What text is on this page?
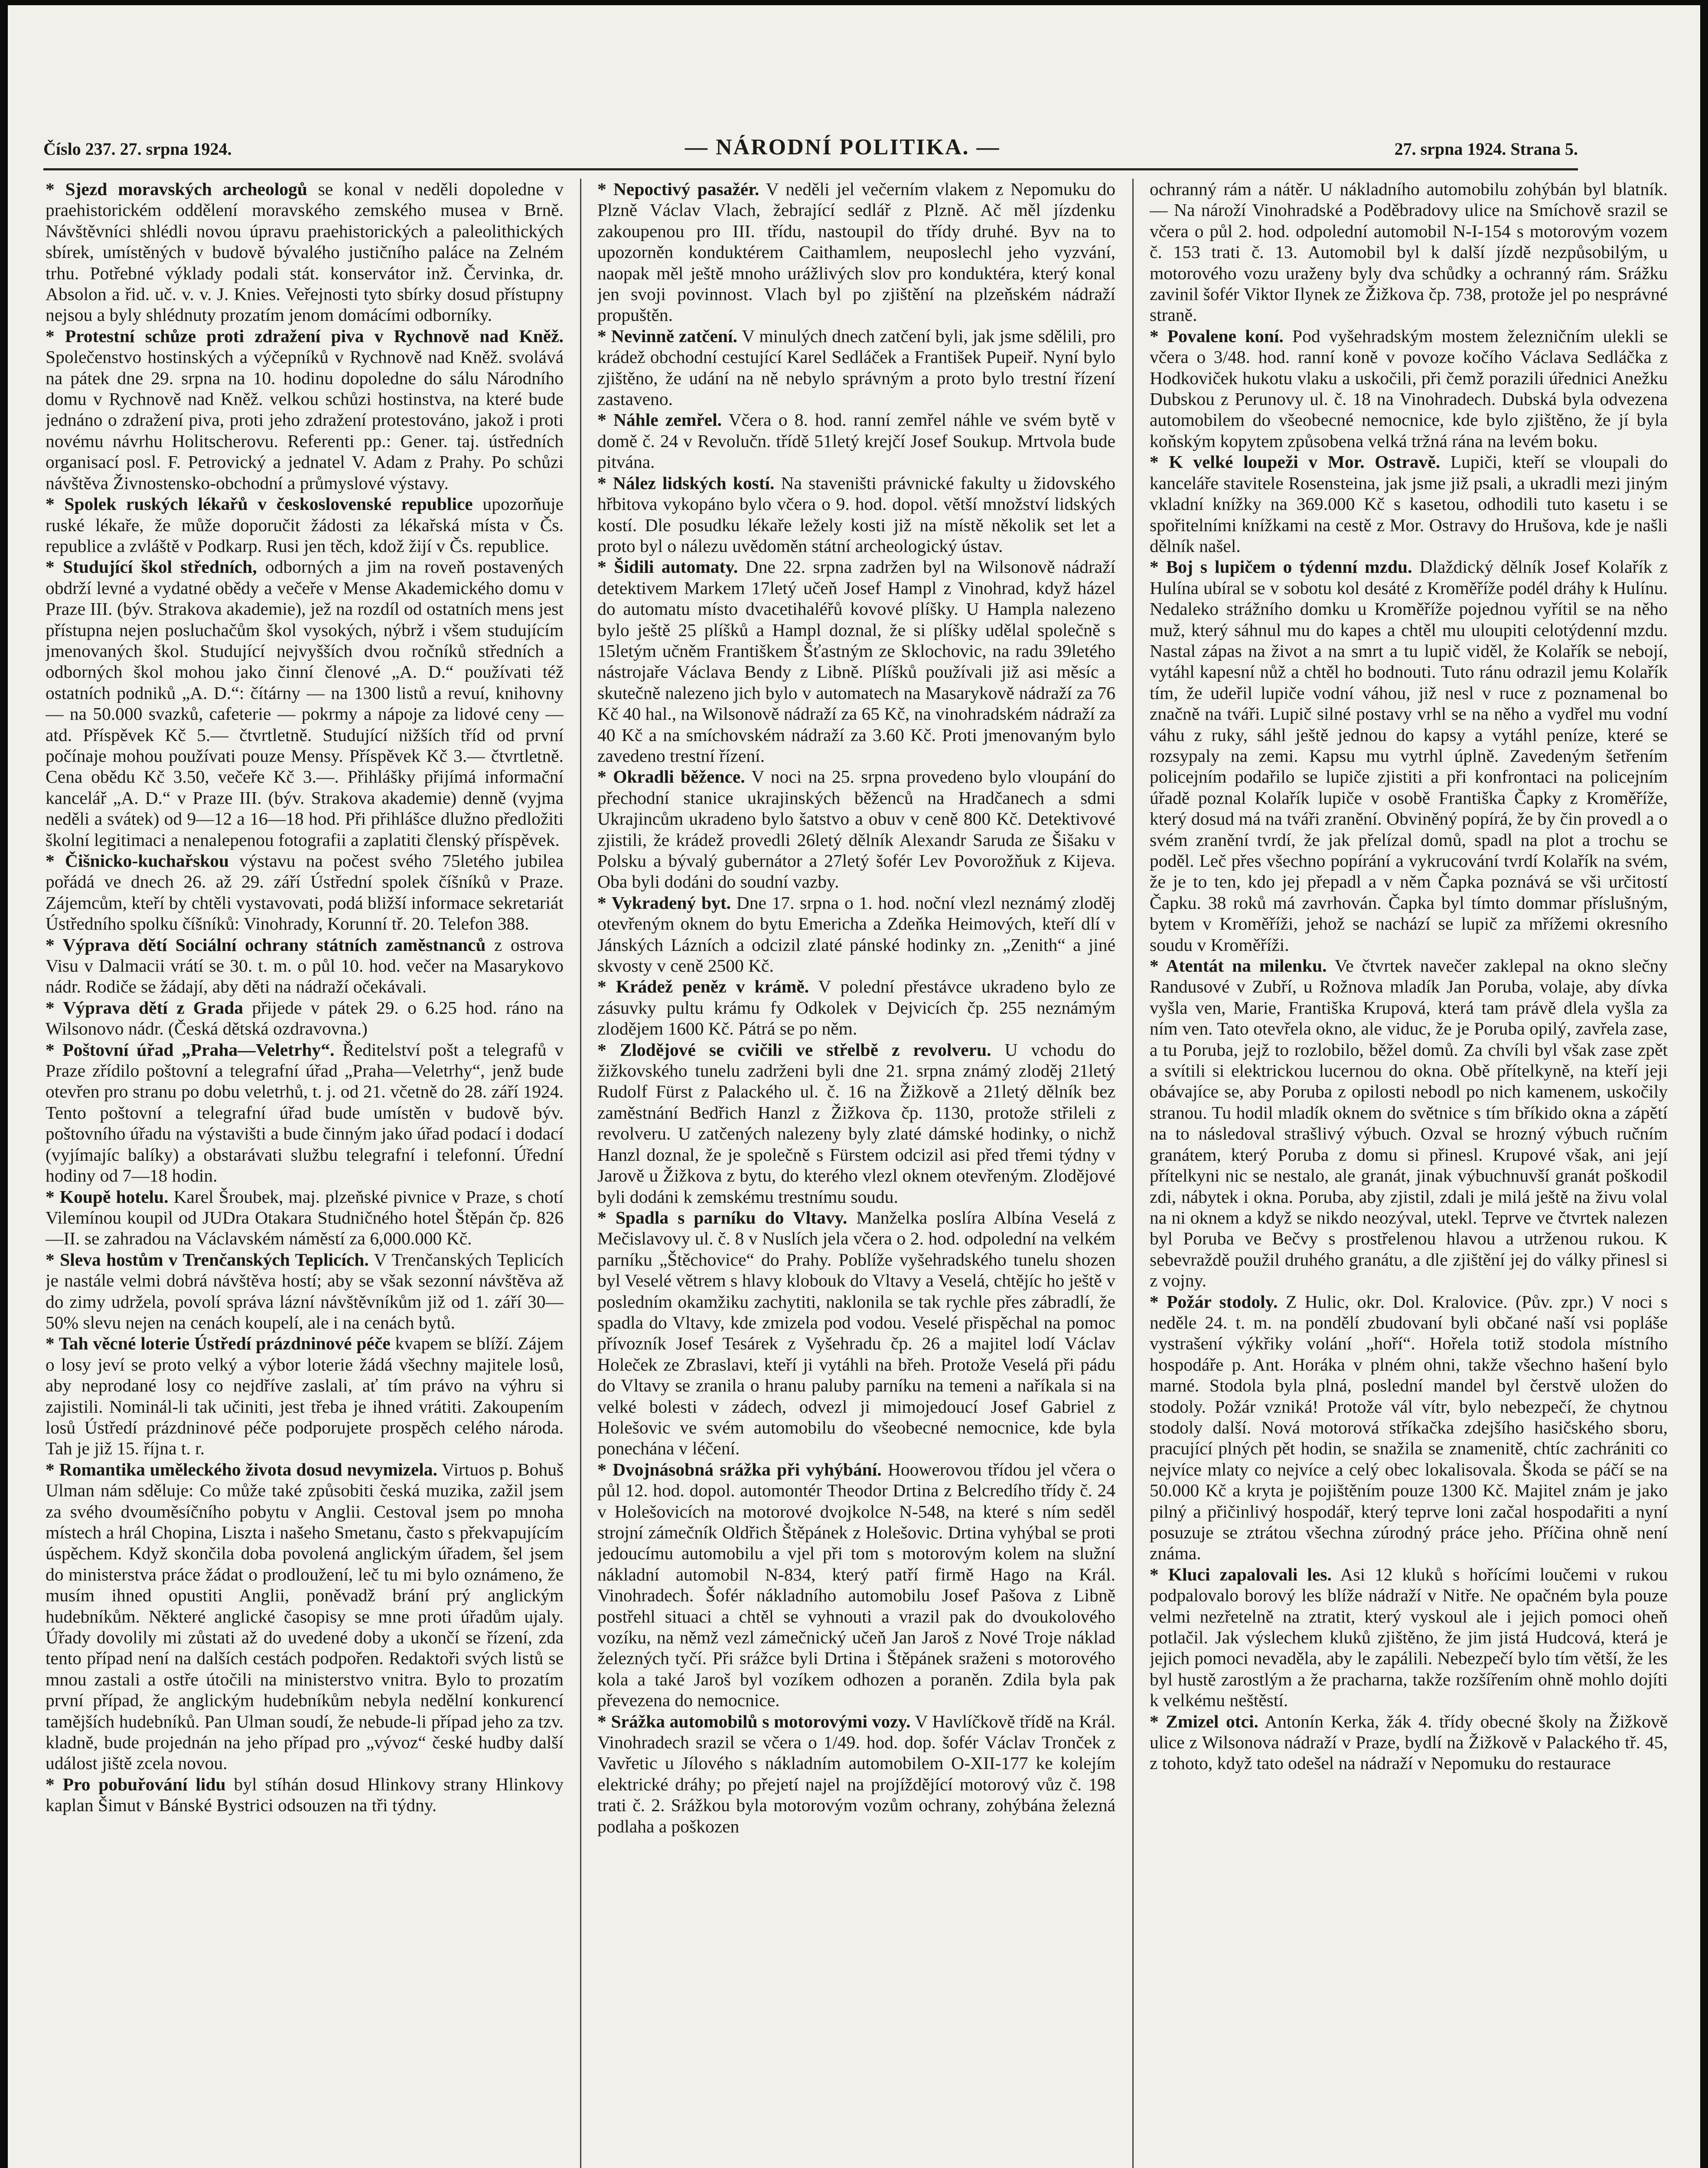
Číslo 237. 27. srpna 1924.	— NÁRODNÍ POLITIKA. —	27. srpna 1924. Strana 5.

* Sjezd moravských archeologů se konal v neděli dopoledne v praehistorickém oddělení moravského zemského musea v Brně. Návštěvníci shlédli novou úpravu praehistorických a paleolithických sbírek, umístěných v budově bývalého justičního paláce na Zelném trhu. Potřebné výklady podali stát. konservátor inž. Červinka, dr. Absolon a řid. uč. v. v. J. Knies. Veřejnosti tyto sbírky dosud přístupny nejsou a byly shlédnuty prozatím jenom domácími odborníky.

* Protestní schůze proti zdražení piva v Rychnově nad Kněž. Společenstvo hostinských a výčepníků v Rychnově nad Kněž. svolává na pátek dne 29. srpna na 10. hodinu dopoledne do sálu Národního domu v Rychnově nad Kněž. velkou schůzi hostinstva, na které bude jednáno o zdražení piva, proti jeho zdražení protestováno, jakož i proti novému návrhu Holitscherovu. Referenti pp.: Gener. taj. ústředních organisací posl. F. Petrovický a jednatel V. Adam z Prahy. Po schůzi návštěva Živnostensko-obchodní a průmyslové výstavy.

* Spolek ruských lékařů v československé republice upozorňuje ruské lékaře, že může doporučit žádosti za lékařská místa v Čs. republice a zvláště v Podkarp. Rusi jen těch, kdož žijí v Čs. republice.

* Studující škol středních, odborných a jim na roveň postavených obdrží levné a vydatné obědy a večeře v Mense Akademického domu v Praze III. (býv. Strakova akademie), jež na rozdíl od ostatních mens jest přístupna nejen posluchačům škol vysokých, nýbrž i všem studujícím jmenovaných škol. Studující nejvyšších dvou ročníků středních a odborných škol mohou jako činní členové „A. D.“ používati též ostatních podniků „A. D.“: čítárny — na 1300 listů a revuí, knihovny — na 50.000 svazků, cafeterie — pokrmy a nápoje za lidové ceny — atd. Příspěvek Kč 5.— čtvrtletně. Studující nižších tříd od první počínaje mohou používati pouze Mensy. Příspěvek Kč 3.— čtvrtletně. Cena obědu Kč 3.50, večeře Kč 3.—. Přihlášky přijímá informační kancelář „A. D.“ v Praze III. (býv. Strakova akademie) denně (vyjma neděli a svátek) od 9—12 a 16—18 hod. Při přihlášce dlužno předložiti školní legitimaci a nenalepenou fotografii a zaplatiti členský příspěvek.

* Čišnicko-kuchařskou výstavu na počest svého 75letého jubilea pořádá ve dnech 26. až 29. září Ústřední spolek číšníků v Praze. Zájemcům, kteří by chtěli vystavovati, podá bližší informace sekretariát Ústředního spolku číšníků: Vinohrady, Korunní tř. 20. Telefon 388.

* Výprava dětí Sociální ochrany státních zaměstnanců z ostrova Visu v Dalmacii vrátí se 30. t. m. o půl 10. hod. večer na Masarykovo nádr. Rodiče se žádají, aby děti na nádraží očekávali.

* Výprava dětí z Grada přijede v pátek 29. o 6.25 hod. ráno na Wilsonovo nádr. (Česká dětská ozdravovna.)

* Poštovní úřad „Praha—Veletrhy“. Ředitelství pošt a telegrafů v Praze zřídilo poštovní a telegrafní úřad „Praha—Veletrhy“, jenž bude otevřen pro stranu po dobu veletrhů, t. j. od 21. včetně do 28. září 1924. Tento poštovní a telegrafní úřad bude umístěn v budově býv. poštovního úřadu na výstavišti a bude činným jako úřad podací i dodací (vyjímajíc balíky) a obstarávati službu telegrafní i telefonní. Úřední hodiny od 7—18 hodin.

* Koupě hotelu. Karel Šroubek, maj. plzeňské pivnice v Praze, s chotí Vilemínou koupil od JUDra Otakara Studničného hotel Štěpán čp. 826—II. se zahradou na Václavském náměstí za 6,000.000 Kč.

* Sleva hostům v Trenčanských Teplicích. V Trenčanských Teplicích je nastále velmi dobrá návštěva hostí; aby se však sezonní návštěva až do zimy udržela, povolí správa lázní návštěvníkům již od 1. září 30—50% slevu nejen na cenách koupelí, ale i na cenách bytů.

* Tah věcné loterie Ústředí prázdninové péče kvapem se blíží. Zájem o losy jeví se proto velký a výbor loterie žádá všechny majitele losů, aby neprodané losy co nejdříve zaslali, ať tím právo na výhru si zajistili. Nominál-li tak učiniti, jest třeba je ihned vrátiti. Zakoupením losů Ústředí prázdninové péče podporujete prospěch celého národa. Tah je již 15. října t. r.

* Romantika uměleckého života dosud nevymizela. Virtuos p. Bohuš Ulman nám sděluje: Co může také způsobiti česká muzika, zažil jsem za svého dvouměsíčního pobytu v Anglii. Cestoval jsem po mnoha místech a hrál Chopina, Liszta i našeho Smetanu, často s překvapujícím úspěchem. Když skončila doba povolená anglickým úřadem, šel jsem do ministerstva práce žádat o prodloužení, leč tu mi bylo oznámeno, že musím ihned opustiti Anglii, poněvadž brání prý anglickým hudebníkům. Některé anglické časopisy se mne proti úřadům ujaly. Úřady dovolily mi zůstati až do uvedené doby a ukončí se řízení, zda tento případ není na dalších cestách podpořen. Redaktoři svých listů se mnou zastali a ostře útočili na ministerstvo vnitra. Bylo to prozatím první případ, že anglickým hudebníkům nebyla nedělní konkurencí tamějších hudebníků. Pan Ulman soudí, že nebude-li případ jeho za tzv. kladně, bude projednán na jeho případ pro „vývoz“ české hudby další událost jiště zcela novou.

* Pro pobuřování lidu byl stíhán dosud Hlinkovy strany Hlinkovy kaplan Šimut v Bánské Bystrici odsouzen na tři týdny.

* Nepoctivý pasažér. V neděli jel večerním vlakem z Nepomuku do Plzně Václav Vlach, žebrající sedlář z Plzně. Ač měl jízdenku zakoupenou pro III. třídu, nastoupil do třídy druhé. Byv na to upozorněn konduktérem Caithamlem, neuposlechl jeho vyzvání, naopak měl ještě mnoho urážlivých slov pro konduktéra, který konal jen svoji povinnost. Vlach byl po zjištění na plzeňském nádraží propuštěn.

* Nevinně zatčení. V minulých dnech zatčení byli, jak jsme sdělili, pro krádež obchodní cestující Karel Sedláček a František Pupeiř. Nyní bylo zjištěno, že udání na ně nebylo správným a proto bylo trestní řízení zastaveno.

* Náhle zemřel. Včera o 8. hod. ranní zemřel náhle ve svém bytě v domě č. 24 v Revolučn. třídě 51letý krejčí Josef Soukup. Mrtvola bude pitvána.

* Nález lidských kostí. Na staveništi právnické fakulty u židovského hřbitova vykopáno bylo včera o 9. hod. dopol. větší množství lidských kostí. Dle posudku lékaře ležely kosti již na místě několik set let a proto byl o nálezu uvědoměn státní archeologický ústav.

* Šidili automaty. Dne 22. srpna zadržen byl na Wilsonově nádraží detektivem Markem 17letý učeň Josef Hampl z Vinohrad, když házel do automatu místo dvacetihaléřů kovové plíšky. U Hampla nalezeno bylo ještě 25 plíšků a Hampl doznal, že si plíšky udělal společně s 15letým učněm Františkem Šťastným ze Sklochovic, na radu 39letého nástrojaře Václava Bendy z Libně. Plíšků používali již asi měsíc a skutečně nalezeno jich bylo v automatech na Masarykově nádraží za 76 Kč 40 hal., na Wilsonově nádraží za 65 Kč, na vinohradském nádraží za 40 Kč a na smíchovském nádraží za 3.60 Kč. Proti jmenovaným bylo zavedeno trestní řízení.

* Okradli běžence. V noci na 25. srpna provedeno bylo vloupání do přechodní stanice ukrajinských běženců na Hradčanech a sdmi Ukrajincům ukradeno bylo šatstvo a obuv v ceně 800 Kč. Detektivové zjistili, že krádež provedli 26letý dělník Alexandr Saruda ze Šišaku v Polsku a bývalý gubernátor a 27letý šofér Lev Povorožňuk z Kijeva. Oba byli dodáni do soudní vazby.

* Vykradený byt. Dne 17. srpna o 1. hod. noční vlezl neznámý zloděj otevřeným oknem do bytu Emericha a Zdeňka Heimových, kteří dlí v Jánských Lázních a odcizil zlaté pánské hodinky zn. „Zenith“ a jiné skvosty v ceně 2500 Kč.

* Krádež peněz v krámě. V polední přestávce ukradeno bylo ze zásuvky pultu krámu fy Odkolek v Dejvicích čp. 255 neznámým zlodějem 1600 Kč. Pátrá se po něm.

* Zlodějové se cvičili ve střelbě z revolveru. U vchodu do žižkovského tunelu zadrženi byli dne 21. srpna známý zloděj 21letý Rudolf Fürst z Palackého ul. č. 16 na Žižkově a 21letý dělník bez zaměstnání Bedřich Hanzl z Žižkova čp. 1130, protože střileli z revolveru. U zatčených nalezeny byly zlaté dámské hodinky, o nichž Hanzl doznal, že je společně s Fürstem odcizil asi před třemi týdny v Jarově u Žižkova z bytu, do kterého vlezl oknem otevřeným. Zlodějové byli dodáni k zemskému trestnímu soudu.

* Spadla s parníku do Vltavy. Manželka poslíra Albína Veselá z Mečislavovy ul. č. 8 v Nuslích jela včera o 2. hod. odpolední na velkém parníku „Štěchovice“ do Prahy. Poblíže vyšehradského tunelu shozen byl Veselé větrem s hlavy klobouk do Vltavy a Veselá, chtějíc ho ještě v posledním okamžiku zachytiti, naklonila se tak rychle přes zábradlí, že spadla do Vltavy, kde zmizela pod vodou. Veselé přispěchal na pomoc přívozník Josef Tesárek z Vyšehradu čp. 26 a majitel lodí Václav Holeček ze Zbraslavi, kteří ji vytáhli na břeh. Protože Veselá při pádu do Vltavy se zranila o hranu paluby parníku na temeni a naříkala si na velké bolesti v zádech, odvezl ji mimojedoucí Josef Gabriel z Holešovic ve svém automobilu do všeobecné nemocnice, kde byla ponechána v léčení.

* Dvojnásobná srážka při vyhýbání. Hoowerovou třídou jel včera o půl 12. hod. dopol. automontér Theodor Drtina z Belcredího třídy č. 24 v Holešovicích na motorové dvojkolce N-548, na které s ním seděl strojní zámečník Oldřich Štěpánek z Holešovic. Drtina vyhýbal se proti jedoucímu automobilu a vjel při tom s motorovým kolem na služní nákladní automobil N-834, který patří firmě Hago na Král. Vinohradech. Šofér nákladního automobilu Josef Pašova z Libně postřehl situaci a chtěl se vyhnouti a vrazil pak do dvoukolového vozíku, na němž vezl zámečnický učeň Jan Jaroš z Nové Troje náklad železných tyčí. Při srážce byli Drtina i Štěpánek sraženi s motorového kola a také Jaroš byl vozíkem odhozen a poraněn. Zdila byla pak převezena do nemocnice.

* Srážka automobilů s motorovými vozy. V Havlíčkově třídě na Král. Vinohradech srazil se včera o 1/49. hod. dop. šofér Václav Tronček z Vavřetic u Jílového s nákladním automobilem O-XII-177 ke kolejím elektrické dráhy; po přejetí najel na projíždějící motorový vůz č. 198 trati č. 2. Srážkou byla motorovým vozům ochrany, zohýbána železná podlaha a poškozen

ochranný rám a nátěr. U nákladního automobilu zohýbán byl blatník. — Na nároží Vinohradské a Poděbradovy ulice na Smíchově srazil se včera o půl 2. hod. odpolední automobil N-I-154 s motorovým vozem č. 153 trati č. 13. Automobil byl k další jízdě nezpůsobilým, u motorového vozu uraženy byly dva schůdky a ochranný rám. Srážku zavinil šofér Viktor Ilynek ze Žižkova čp. 738, protože jel po nesprávné straně.

* Povalene koní. Pod vyšehradským mostem železničním ulekli se včera o 3/48. hod. ranní koně v povoze kočího Václava Sedláčka z Hodkoviček hukotu vlaku a uskočili, při čemž porazili úřednici Anežku Dubskou z Perunovy ul. č. 18 na Vinohradech. Dubská byla odvezena automobilem do všeobecné nemocnice, kde bylo zjištěno, že jí byla koňským kopytem způsobena velká tržná rána na levém boku.

* K velké loupeži v Mor. Ostravě. Lupiči, kteří se vloupali do kanceláře stavitele Rosensteina, jak jsme již psali, a ukradli mezi jiným vkladní knížky na 369.000 Kč s kasetou, odhodili tuto kasetu i se spořitelními knížkami na cestě z Mor. Ostravy do Hrušova, kde je našli dělník našel.

* Boj s lupičem o týdenní mzdu. Dlaždický dělník Josef Kolařík z Hulína ubíral se v sobotu kol desáté z Kroměříže podél dráhy k Hulínu. Nedaleko strážního domku u Kroměříže pojednou vyřítil se na něho muž, který sáhnul mu do kapes a chtěl mu uloupiti celotýdenní mzdu. Nastal zápas na život a na smrt a tu lupič viděl, že Kolařík se nebojí, vytáhl kapesní nůž a chtěl ho bodnouti. Tuto ránu odrazil jemu Kolařík tím, že udeřil lupiče vodní váhou, již nesl v ruce z poznamenal bo značně na tváři. Lupič silné postavy vrhl se na něho a vydřel mu vodní váhu z ruky, sáhl ještě jednou do kapsy a vytáhl peníze, které se rozsypaly na zemi. Kapsu mu vytrhl úplně. Zavedeným šetřením policejním podařilo se lupiče zjistiti a při konfrontaci na policejním úřadě poznal Kolařík lupiče v osobě Františka Čapky z Kroměříže, který dosud má na tváři zranění. Obviněný popírá, že by čin provedl a o svém zranění tvrdí, že jak přelízal domů, spadl na plot a trochu se poděl. Leč přes všechno popírání a vykrucování tvrdí Kolařík na svém, že je to ten, kdo jej přepadl a v něm Čapka poznává se vši určitostí Čapku. 38 roků má zavrhován. Čapka byl tímto dommar příslušným, bytem v Kroměříži, jehož se nachází se lupič za mřížemi okresního soudu v Kroměříži.

* Atentát na milenku. Ve čtvrtek navečer zaklepal na okno slečny Randusové v Zubří, u Rožnova mladík Jan Poruba, volaje, aby dívka vyšla ven, Marie, Františka Krupová, která tam právě dlela vyšla za ním ven. Tato otevřela okno, ale viduc, že je Poruba opilý, zavřela zase, a tu Poruba, jejž to rozlobilo, běžel domů. Za chvíli byl však zase zpět a svítili si elektrickou lucernou do okna. Obě přítelkyně, na kteří jeji obávajíce se, aby Poruba z opilosti nebodl po nich kamenem, uskočily stranou. Tu hodil mladík oknem do světnice s tím bříkido okna a zápětí na to následoval strašlivý výbuch. Ozval se hrozný výbuch ručním granátem, který Poruba z domu si přinesl. Krupové však, ani její přítelkyni nic se nestalo, ale granát, jinak výbuchnuvší granát poškodil zdi, nábytek i okna. Poruba, aby zjistil, zdali je milá ještě na živu volal na ni oknem a když se nikdo neozýval, utekl. Teprve ve čtvrtek nalezen byl Poruba ve Bečvy s prostřelenou hlavou a utrženou rukou. K sebevraždě použil druhého granátu, a dle zjištění jej do války přinesl si z vojny.

* Požár stodoly. Z Hulic, okr. Dol. Kralovice. (Pův. zpr.) V noci s neděle 24. t. m. na pondělí zbudovaní byli občané naší vsi popláše vystrašení výkřiky volání „hoří“. Hořela totiž stodola místního hospodáře p. Ant. Horáka v plném ohni, takže všechno hašení bylo marné. Stodola byla plná, poslední mandel byl čerstvě uložen do stodoly. Požár vzniká! Protože vál vítr, bylo nebezpečí, že chytnou stodoly další. Nová motorová stříkačka zdejšího hasičského sboru, pracující plných pět hodin, se snažila se znamenitě, chtíc zachrániti co nejvíce mlaty co nejvíce a celý obec lokalisovala. Škoda se páčí se na 50.000 Kč a kryta je pojištěním pouze 1300 Kč. Majitel znám je jako pilný a přičinlivý hospodář, který teprve loni začal hospodařiti a nyní posuzuje se ztrátou všechna zúrodný práce jeho. Příčina ohně není známa.

* Kluci zapalovali les. Asi 12 kluků s hořícími loučemi v rukou podpalovalo borový les blíže nádraží v Nitře. Ne opačném byla pouze velmi nezřetelně na ztratit, který vyskoul ale i jejich pomoci oheň potlačil. Jak výslechem kluků zjištěno, že jim jistá Hudcová, která je jejich pomoci nevaděla, aby le zapálili. Nebezpečí bylo tím větší, že les byl hustě zarostlým a že pracharna, takže rozšířením ohně mohlo dojíti k velkému neštěstí.

* Zmizel otci. Antonín Kerka, žák 4. třídy obecné školy na Žižkově ulice z Wilsonova nádraží v Praze, bydlí na Žižkově v Palackého tř. 45, z tohoto, když tato odešel na nádraží v Nepomuku do restaurace
